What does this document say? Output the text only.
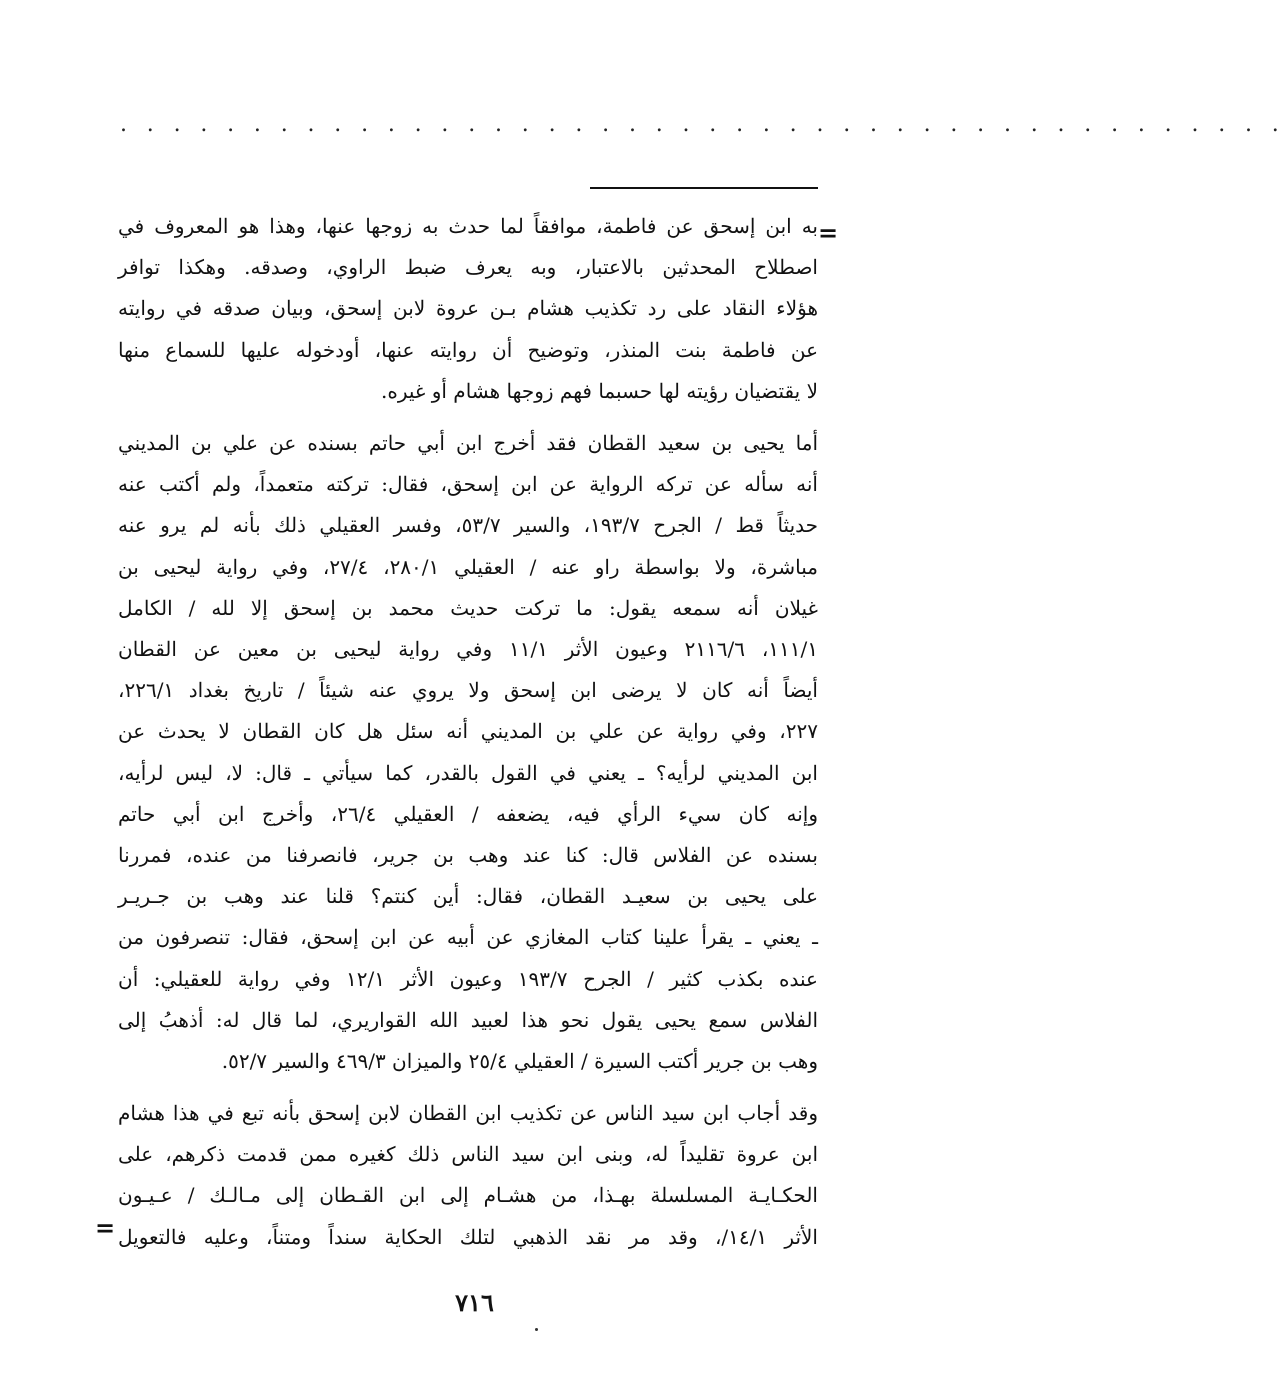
. . . . . . . . . . . . . . . . . . . . . . . . . . . . . . . . . . . . . . . . . . . .
=
به ابن إسحق عن فاطمة، موافقاً لما حدث به زوجها عنها، وهذا هو المعروف في
اصطلاح المحدثين بالاعتبار، وبه يعرف ضبط الراوي، وصدقه. وهكذا توافر
هؤلاء النقاد على رد تكذيب هشام بـن عروة لابن إسحق، وبيان صدقه في روايته
عن فاطمة بنت المنذر، وتوضيح أن روايته عنها، أودخوله عليها للسماع منها
لا يقتضيان رؤيته لها حسبما فهم زوجها هشام أو غيره.
أما يحيى بن سعيد القطان فقد أخرج ابن أبي حاتم بسنده عن علي بن المديني
أنه سأله عن تركه الرواية عن ابن إسحق، فقال: تركته متعمداً، ولم أكتب عنه
حديثاً قط / الجرح ١٩٣/٧، والسير ٥٣/٧، وفسر العقيلي ذلك بأنه لم يرو عنه
مباشرة، ولا بواسطة راو عنه / العقيلي ٢٨٠/١، ٢٧/٤، وفي رواية ليحيى بن
غيلان أنه سمعه يقول: ما تركت حديث محمد بن إسحق إلا لله / الكامل
١١١/١، ٢١١٦/٦ وعيون الأثر ١١/١ وفي رواية ليحيى بن معين عن القطان
أيضاً أنه كان لا يرضى ابن إسحق ولا يروي عنه شيئاً / تاريخ بغداد ٢٢٦/١،
٢٢٧، وفي رواية عن علي بن المديني أنه سئل هل كان القطان لا يحدث عن
ابن المديني لرأيه؟ ـ يعني في القول بالقدر، كما سيأتي ـ قال: لا، ليس لرأيه،
وإنه كان سيء الرأي فيه، يضعفه / العقيلي ٢٦/٤، وأخرج ابن أبي حاتم
بسنده عن الفلاس قال: كنا عند وهب بن جرير، فانصرفنا من عنده، فمررنا
على يحيى بن سعيـد القطان، فقال: أين كنتم؟ قلنا عند وهب بن جـريـر
ـ يعني ـ يقرأ علينا كتاب المغازي عن أبيه عن ابن إسحق، فقال: تنصرفون من
عنده بكذب كثير / الجرح ١٩٣/٧ وعيون الأثر ١٢/١ وفي رواية للعقيلي: أن
الفلاس سمع يحيى يقول نحو هذا لعبيد الله القواريري، لما قال له: أذهبُ إلى
وهب بن جرير أكتب السيرة / العقيلي ٢٥/٤ والميزان ٤٦٩/٣ والسير ٥٢/٧.
وقد أجاب ابن سيد الناس عن تكذيب ابن القطان لابن إسحق بأنه تبع في هذا هشام
ابن عروة تقليداً له، وبنى ابن سيد الناس ذلك كغيره ممن قدمت ذكرهم، على
الحكـايـة المسلسلة بهـذا، من هشـام إلى ابن القـطان إلى مـالـك / عـيـون
الأثر ١٤/١/، وقد مر نقد الذهبي لتلك الحكاية سنداً ومتناً، وعليه فالتعويل
=
٧١٦
